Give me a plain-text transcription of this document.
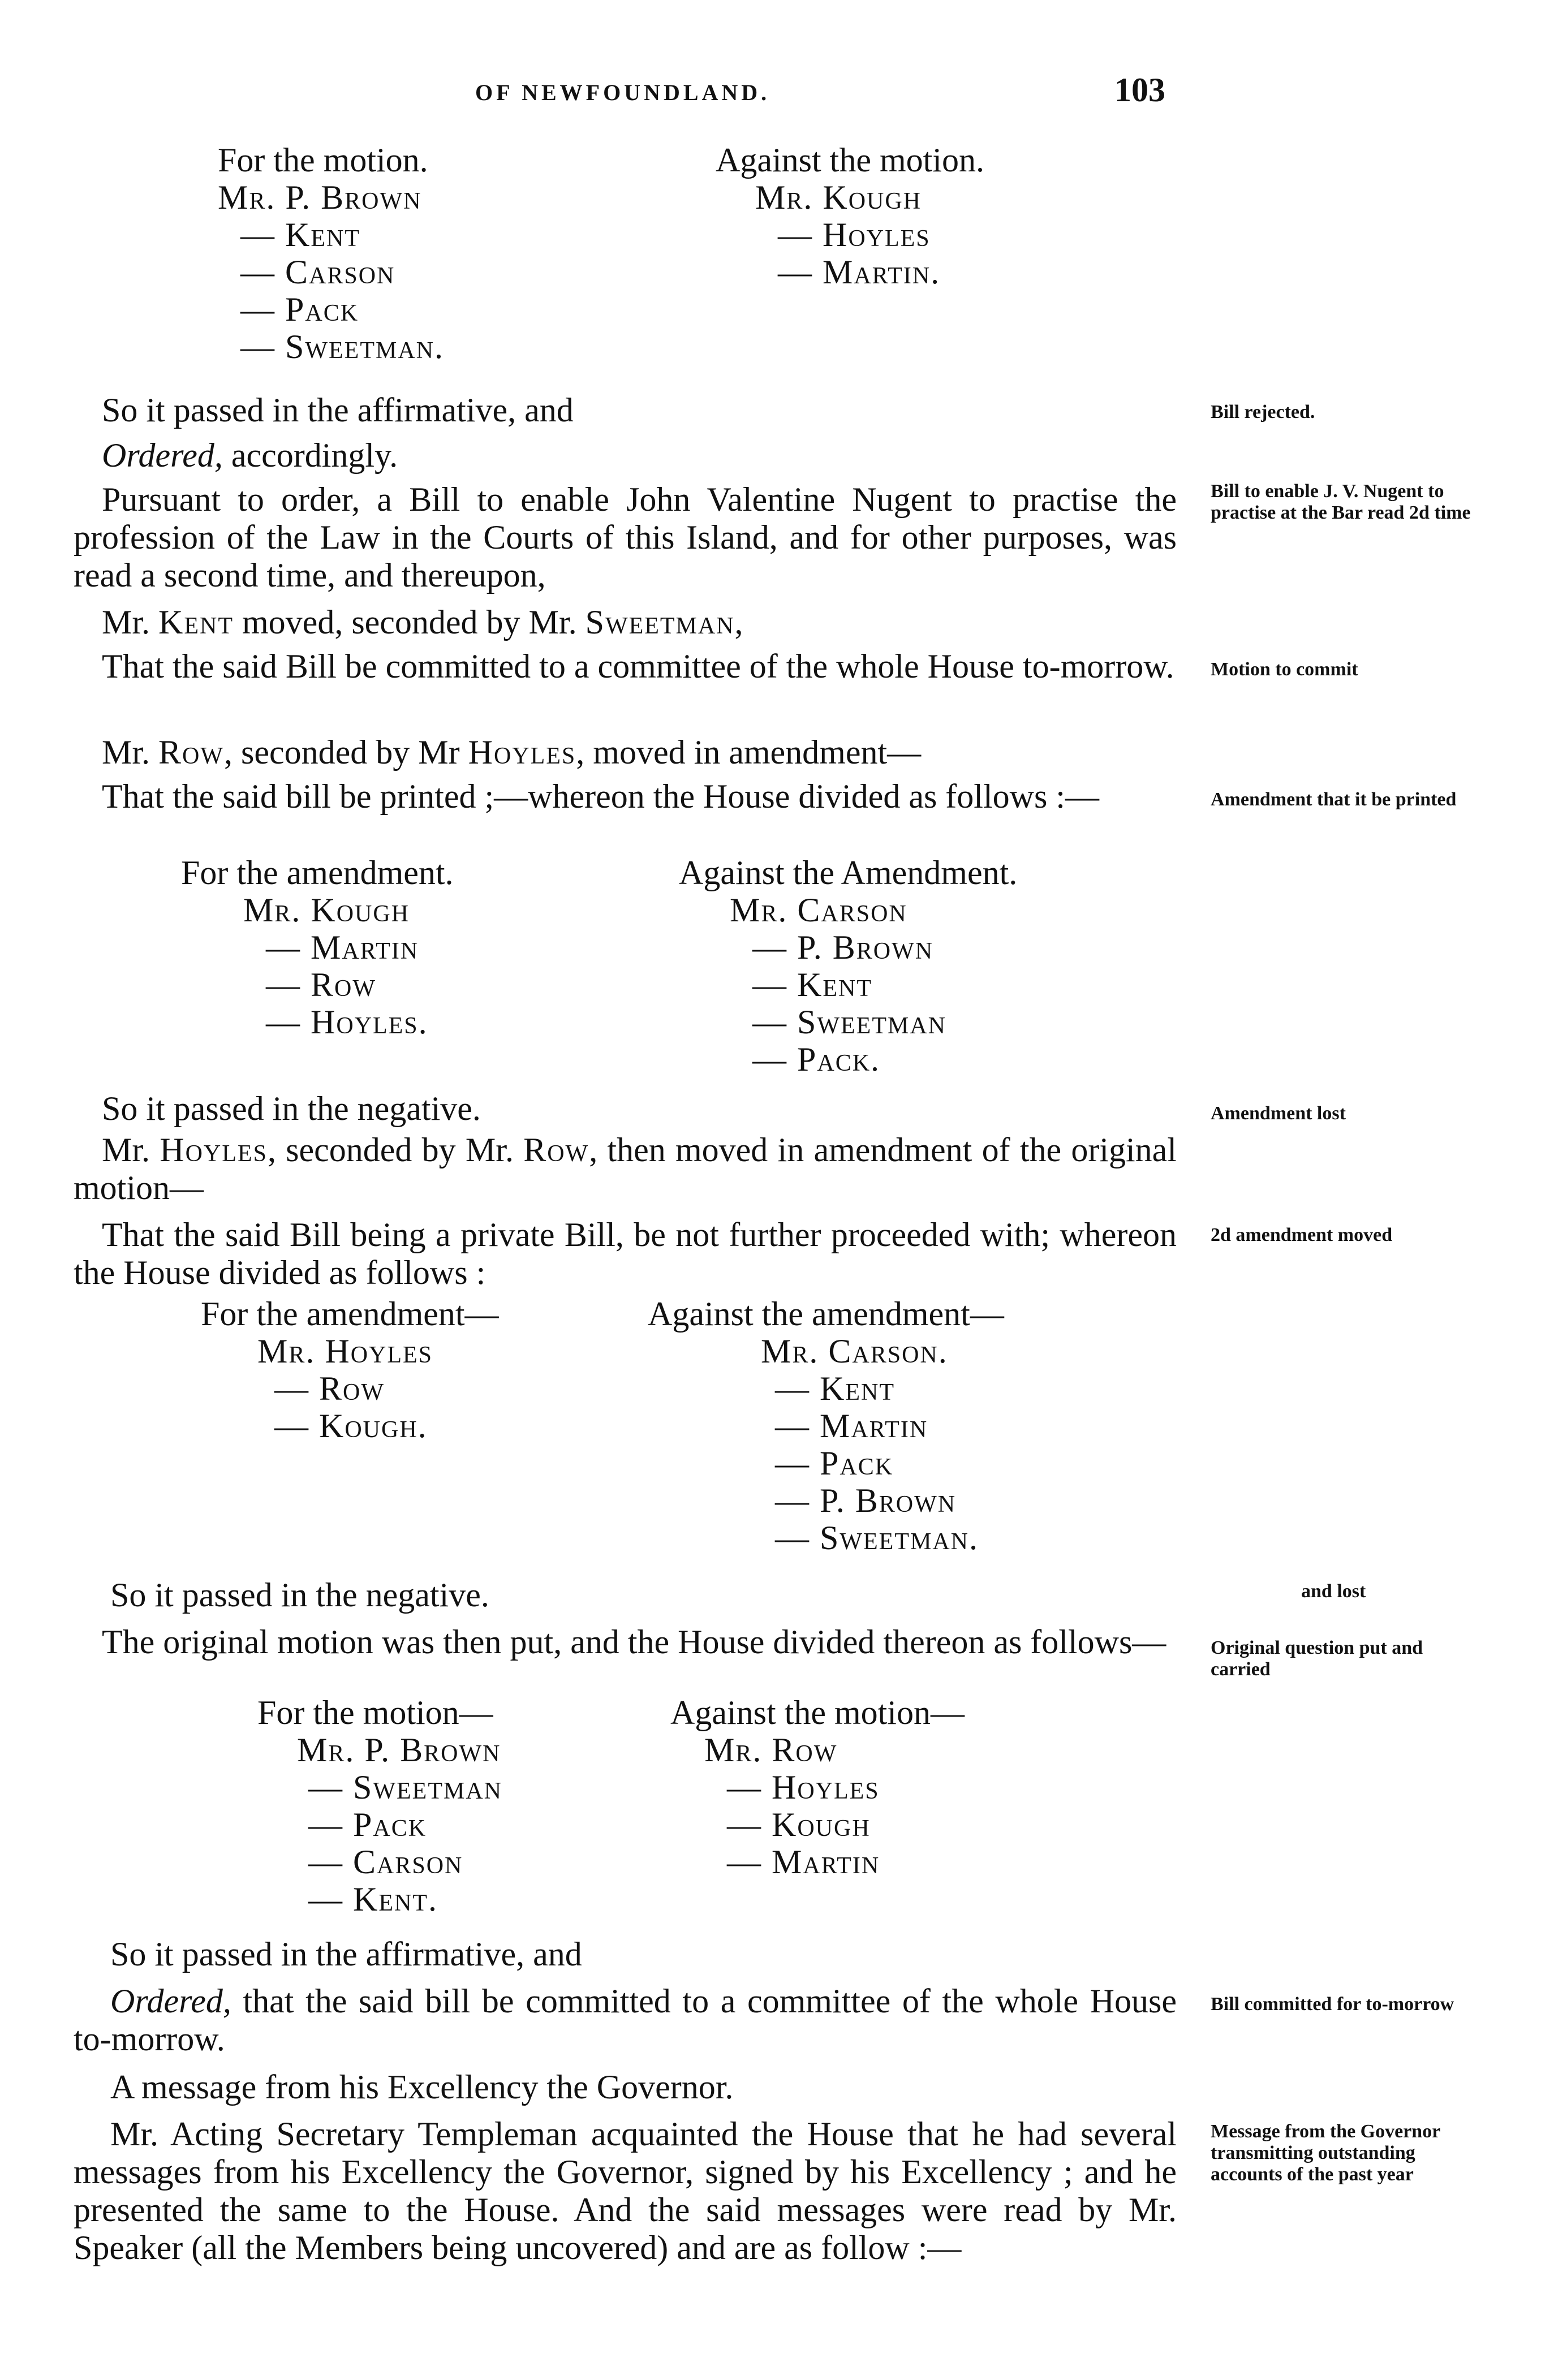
OF NEWFOUNDLAND.	103
For the motion.
Mr. P. Brown
— Kent
— Carson
— Pack
— Sweetman.
Against the motion.
Mr. Kough
— Hoyles
— Martin.
So it passed in the affirmative, and
Ordered, accordingly.
Pursuant to order, a Bill to enable John Valentine Nugent to practise the profession of the Law in the Courts of this Island, and for other purposes, was read a second time, and thereupon,
Mr. Kent moved, seconded by Mr. Sweetman,
That the said Bill be committed to a committee of the whole House to-morrow.
Mr. Row, seconded by Mr Hoyles, moved in amendment—
That the said bill be printed ;—whereon the House divided as follows :—
For the amendment.
Mr. Kough
— Martin
— Row
— Hoyles.
Against the Amendment.
Mr. Carson
— P. Brown
— Kent
— Sweetman
— Pack.
So it passed in the negative.
Mr. Hoyles, seconded by Mr. Row, then moved in amendment of the original motion—
That the said Bill being a private Bill, be not further proceeded with; whereon the House divided as follows :
For the amendment—
Mr. Hoyles
— Row
— Kough.
Against the amendment—
Mr. Carson.
— Kent
— Martin
— Pack
— P. Brown
— Sweetman.
So it passed in the negative.
The original motion was then put, and the House divided thereon as follows—
For the motion—
Mr. P. Brown
— Sweetman
— Pack
— Carson
— Kent.
Against the motion—
Mr. Row
— Hoyles
— Kough
— Martin
So it passed in the affirmative, and
Ordered, that the said bill be committed to a committee of the whole House to-morrow.
A message from his Excellency the Governor.
Mr. Acting Secretary Templeman acquainted the House that he had several messages from his Excellency the Governor, signed by his Excellency ; and he presented the same to the House. And the said messages were read by Mr. Speaker (all the Members being uncovered) and are as follow :—
Bill rejected.
Bill to enable J. V. Nugent to practise at the Bar read 2d time
Motion to commit
Amendment that it be printed
Amendment lost
2d amendment moved
and lost
Original question put and carried
Bill committed for to-morrow
Message from the Governor transmitting outstanding accounts of the past year
